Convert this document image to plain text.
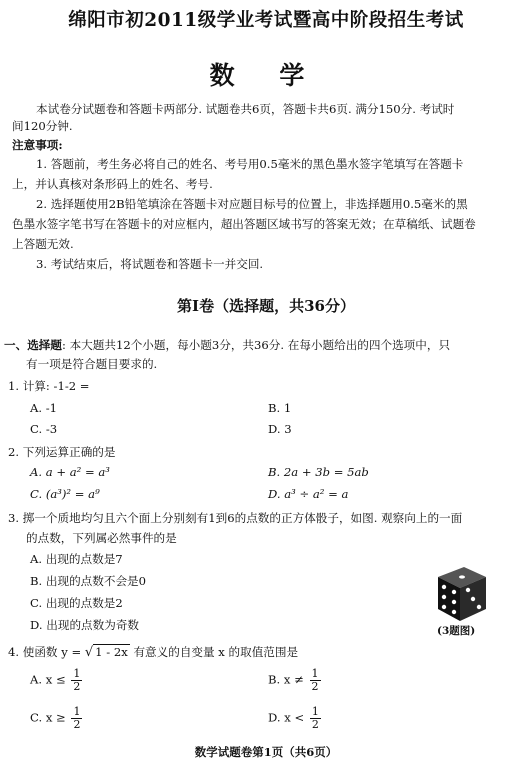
绵阳市初2011级学业考试暨高中阶段招生考试
数 学
本试卷分试题卷和答题卡两部分. 试题卷共6页，答题卡共6页. 满分150分. 考试时
间120分钟.
注意事项:
1. 答题前，考生务必将自己的姓名、考号用0.5毫米的黑色墨水签字笔填写在答题卡
上，并认真核对条形码上的姓名、考号.
2. 选择题使用2B铅笔填涂在答题卡对应题目标号的位置上，非选择题用0.5毫米的黑
色墨水签字笔书写在答题卡的对应框内，超出答题区域书写的答案无效；在草稿纸、试题卷
上答题无效.
3. 考试结束后，将试题卷和答题卡一并交回.
第Ⅰ卷（选择题，共36分）
一、选择题: 本大题共12个小题，每小题3分，共36分. 在每小题给出的四个选项中，只
有一项是符合题目要求的.
1. 计算: -1-2 =
A. -1	B. 1
C. -3	D. 3
2. 下列运算正确的是
A. a + a² = a³	B. 2a + 3b = 5ab
C. (a³)² = a⁹	D. a³ ÷ a² = a
3. 掷一个质地均匀且六个面上分别刻有1到6的点数的正方体骰子，如图. 观察向上的一面
的点数，下列属必然事件的是
A. 出现的点数是7
B. 出现的点数不会是0
C. 出现的点数是2
D. 出现的点数为奇数	(3题图)
4. 使函数 y = √ 1 - 2x 有意义的自变量 x 的取值范围是
A. $x \le \frac{1}{2}$	B. $x \ne \frac{1}{2}$
C. $x \ge \frac{1}{2}$	D. $x < \frac{1}{2}$
数学试题卷第1页（共6页）
